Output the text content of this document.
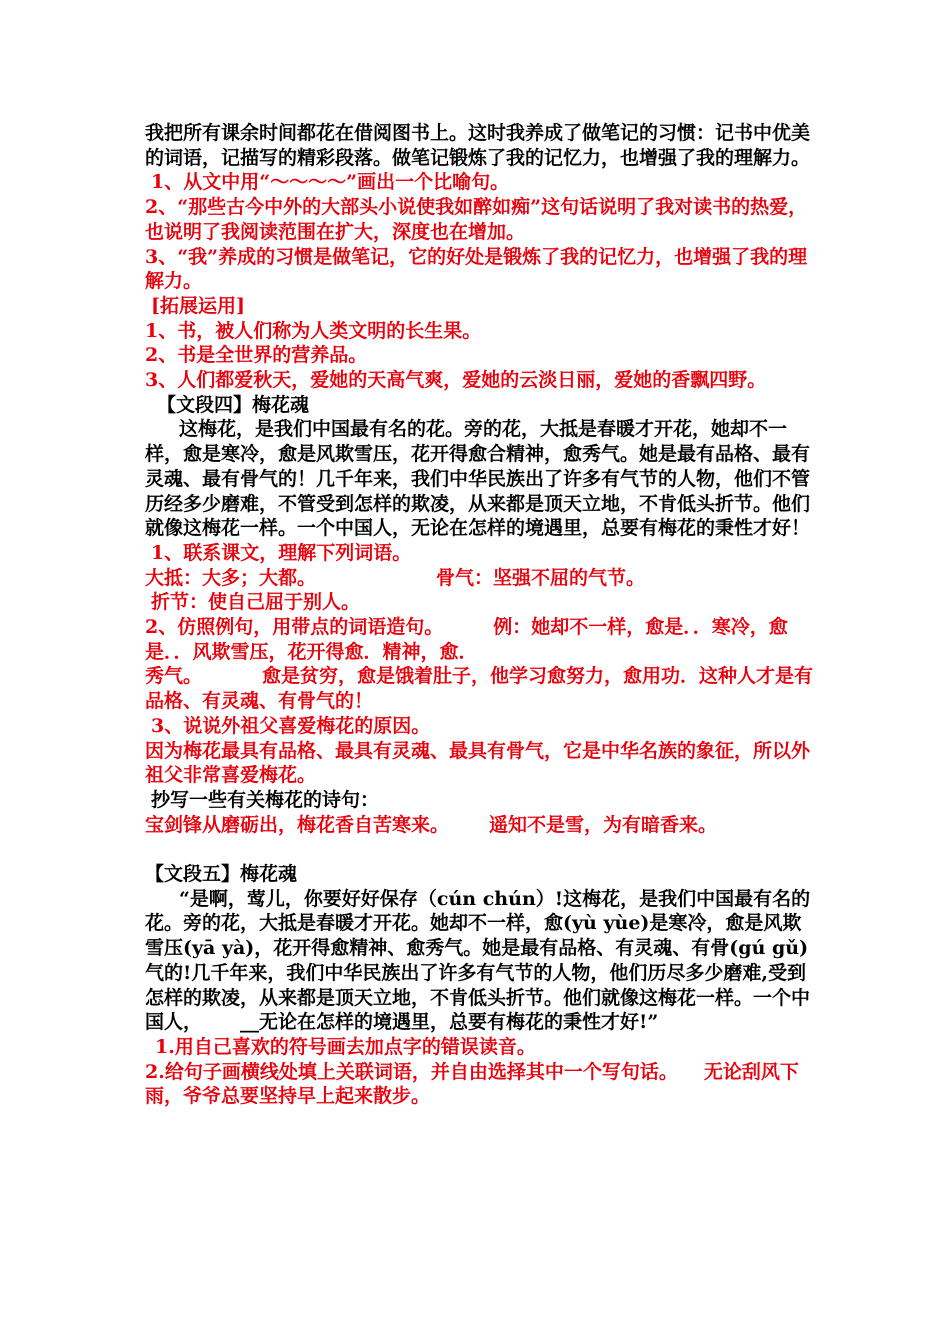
我把所有课余时间都花在借阅图书上。这时我养成了做笔记的习惯：记书中优美的词语，记描写的精彩段落。做笔记锻炼了我的记忆力，也增强了我的理解力。

1、从文中用“～～～～”画出一个比喻句。

2、“那些古今中外的大部头小说使我如醉如痴”这句话说明了我对读书的热爱，也说明了我阅读范围在扩大，深度也在增加。

3、“我”养成的习惯是做笔记，它的好处是锻炼了我的记忆力，也增强了我的理解力。

[拓展运用]

1、书，被人们称为人类文明的长生果。

2、书是全世界的营养品。

3、人们都爱秋天，爱她的天高气爽，爱她的云淡日丽，爱她的香飘四野。

【文段四】梅花魂

这梅花，是我们中国最有名的花。旁的花，大抵是春暖才开花，她却不一样，愈是寒冷，愈是风欺雪压，花开得愈合精神，愈秀气。她是最有品格、最有灵魂、最有骨气的！几千年来，我们中华民族出了许多有气节的人物，他们不管历经多少磨难，不管受到怎样的欺凌，从来都是顶天立地，不肯低头折节。他们就像这梅花一样。一个中国人，无论在怎样的境遇里，总要有梅花的秉性才好！

1、联系课文，理解下列词语。

大抵：大多；大都。	骨气：坚强不屈的气节。

折节：使自己屈于别人。

2、仿照例句，用带点的词语造句。	例：她却不一样，愈是．．寒冷，愈是．．风欺雪压，花开得愈．精神，愈．

秀气。	愈是贫穷，愈是饿着肚子，他学习愈努力，愈用功．这种人才是有品格、有灵魂、有骨气的！

3、说说外祖父喜爱梅花的原因。

因为梅花最具有品格、最具有灵魂、最具有骨气，它是中华名族的象征，所以外祖父非常喜爱梅花。

抄写一些有关梅花的诗句：

宝剑锋从磨砺出，梅花香自苦寒来。 遥知不是雪，为有暗香来。

【文段五】梅花魂

“是啊，莺儿，你要好好保存（cún chún）!这梅花，是我们中国最有名的花。旁的花，大抵是春暖才开花。她却不一样，愈(yù yùe)是寒冷，愈是风欺雪压(yā yà)，花开得愈精神、愈秀气。她是最有品格、有灵魂、有骨(gú gǔ)气的!几千年来，我们中华民族出了许多有气节的人物，他们历尽多少磨难,受到怎样的欺凌，从来都是顶天立地，不肯低头折节。他们就像这梅花一样。一个中国人， __无论在怎样的境遇里，总要有梅花的秉性才好!”

1.用自己喜欢的符号画去加点字的错误读音。

2.给句子画横线处填上关联词语，并自由选择其中一个写句话。 无论刮风下雨，爷爷总要坚持早上起来散步。
